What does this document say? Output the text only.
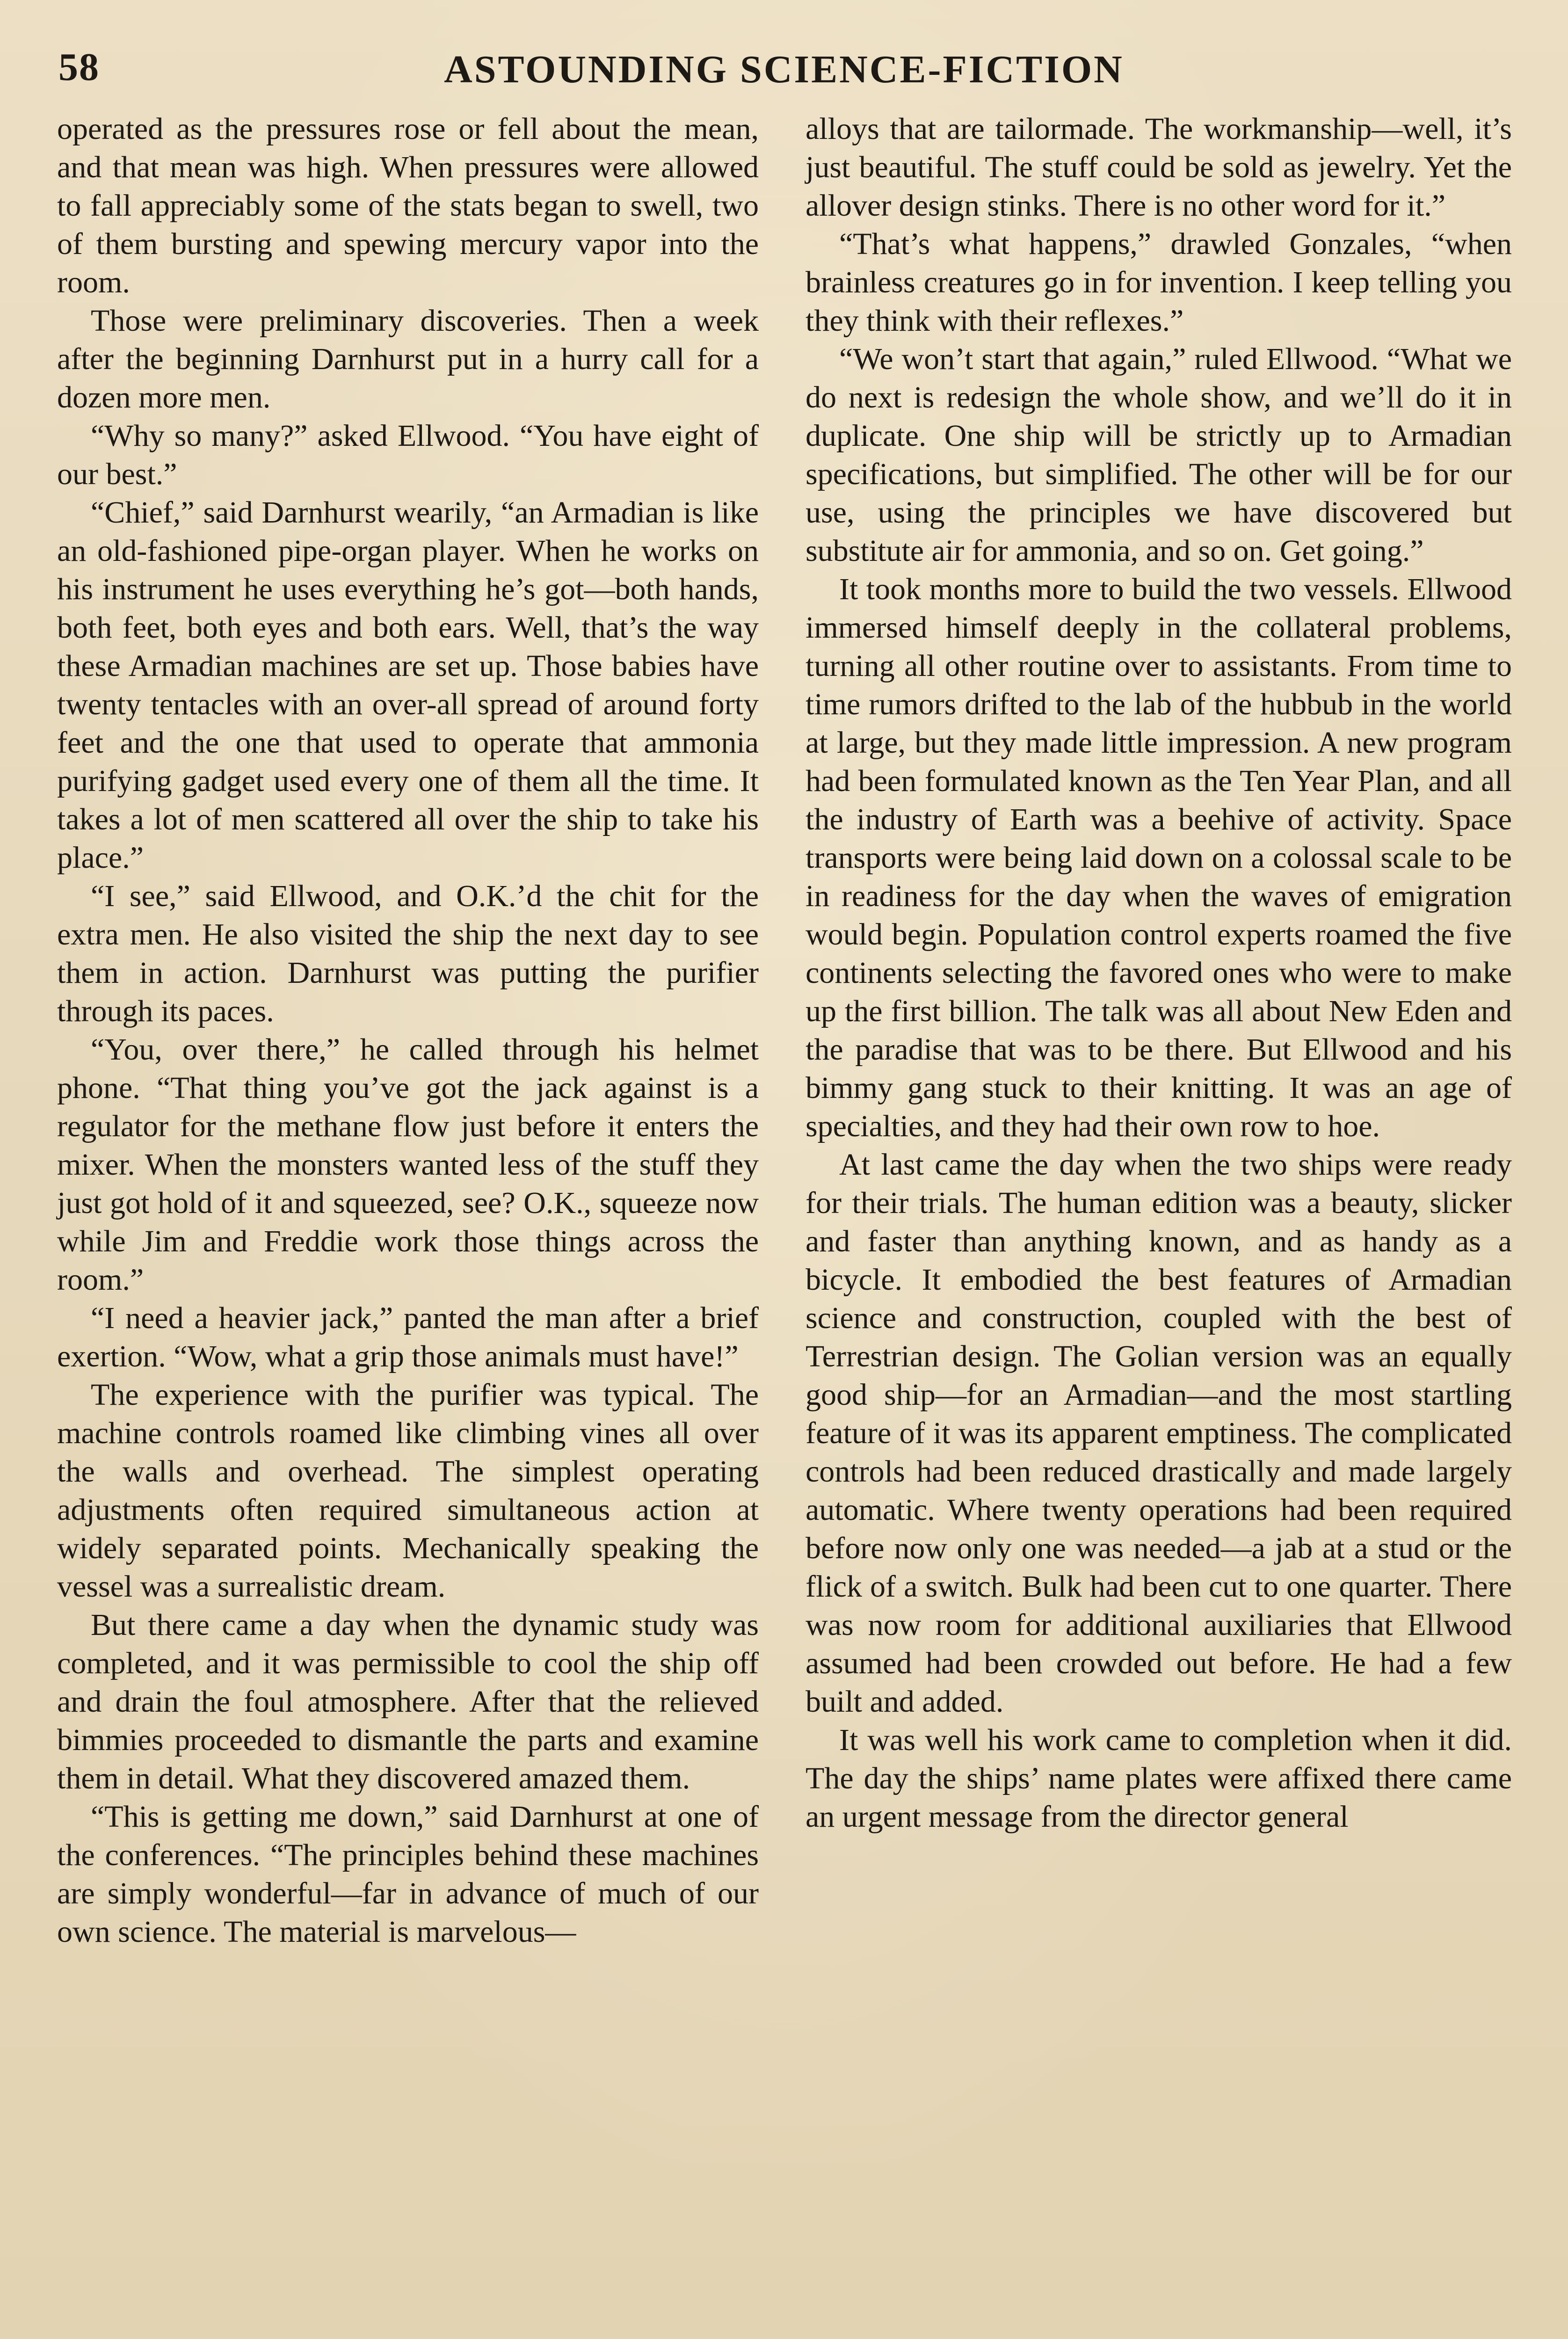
58	ASTOUNDING SCIENCE-FICTION

operated as the pressures rose or fell about the mean, and that mean was high. When pressures were allowed to fall appreciably some of the stats began to swell, two of them bursting and spewing mercury vapor into the room.

Those were preliminary discoveries. Then a week after the beginning Darnhurst put in a hurry call for a dozen more men.

“Why so many?” asked Ellwood. “You have eight of our best.”

“Chief,” said Darnhurst wearily, “an Armadian is like an old-fashioned pipe-organ player. When he works on his instrument he uses everything he’s got—both hands, both feet, both eyes and both ears. Well, that’s the way these Armadian machines are set up. Those babies have twenty tentacles with an over-all spread of around forty feet and the one that used to operate that ammonia purifying gadget used every one of them all the time. It takes a lot of men scattered all over the ship to take his place.”

“I see,” said Ellwood, and O.K.’d the chit for the extra men. He also visited the ship the next day to see them in action. Darnhurst was putting the purifier through its paces.

“You, over there,” he called through his helmet phone. “That thing you’ve got the jack against is a regulator for the methane flow just before it enters the mixer. When the monsters wanted less of the stuff they just got hold of it and squeezed, see? O.K., squeeze now while Jim and Freddie work those things across the room.”

“I need a heavier jack,” panted the man after a brief exertion. “Wow, what a grip those animals must have!”

The experience with the purifier was typical. The machine controls roamed like climbing vines all over the walls and overhead. The simplest operating adjustments often required simultaneous action at widely separated points. Mechanically speaking the vessel was a surrealistic dream.

But there came a day when the dynamic study was completed, and it was permissible to cool the ship off and drain the foul atmosphere. After that the relieved bimmies proceeded to dismantle the parts and examine them in detail. What they discovered amazed them.

“This is getting me down,” said Darnhurst at one of the conferences. “The principles behind these machines are simply wonderful—far in advance of much of our own science. The material is marvelous—

alloys that are tailormade. The workmanship—well, it’s just beautiful. The stuff could be sold as jewelry. Yet the allover design stinks. There is no other word for it.”

“That’s what happens,” drawled Gonzales, “when brainless creatures go in for invention. I keep telling you they think with their reflexes.”

“We won’t start that again,” ruled Ellwood. “What we do next is redesign the whole show, and we’ll do it in duplicate. One ship will be strictly up to Armadian specifications, but simplified. The other will be for our use, using the principles we have discovered but substitute air for ammonia, and so on. Get going.”

It took months more to build the two vessels. Ellwood immersed himself deeply in the collateral problems, turning all other routine over to assistants. From time to time rumors drifted to the lab of the hubbub in the world at large, but they made little impression. A new program had been formulated known as the Ten Year Plan, and all the industry of Earth was a beehive of activity. Space transports were being laid down on a colossal scale to be in readiness for the day when the waves of emigration would begin. Population control experts roamed the five continents selecting the favored ones who were to make up the first billion. The talk was all about New Eden and the paradise that was to be there. But Ellwood and his bimmy gang stuck to their knitting. It was an age of specialties, and they had their own row to hoe.

At last came the day when the two ships were ready for their trials. The human edition was a beauty, slicker and faster than anything known, and as handy as a bicycle. It embodied the best features of Armadian science and construction, coupled with the best of Terrestrian design. The Golian version was an equally good ship—for an Armadian—and the most startling feature of it was its apparent emptiness. The complicated controls had been reduced drastically and made largely automatic. Where twenty operations had been required before now only one was needed—a jab at a stud or the flick of a switch. Bulk had been cut to one quarter. There was now room for additional auxiliaries that Ellwood assumed had been crowded out before. He had a few built and added.

It was well his work came to completion when it did. The day the ships’ name plates were affixed there came an urgent message from the director general
